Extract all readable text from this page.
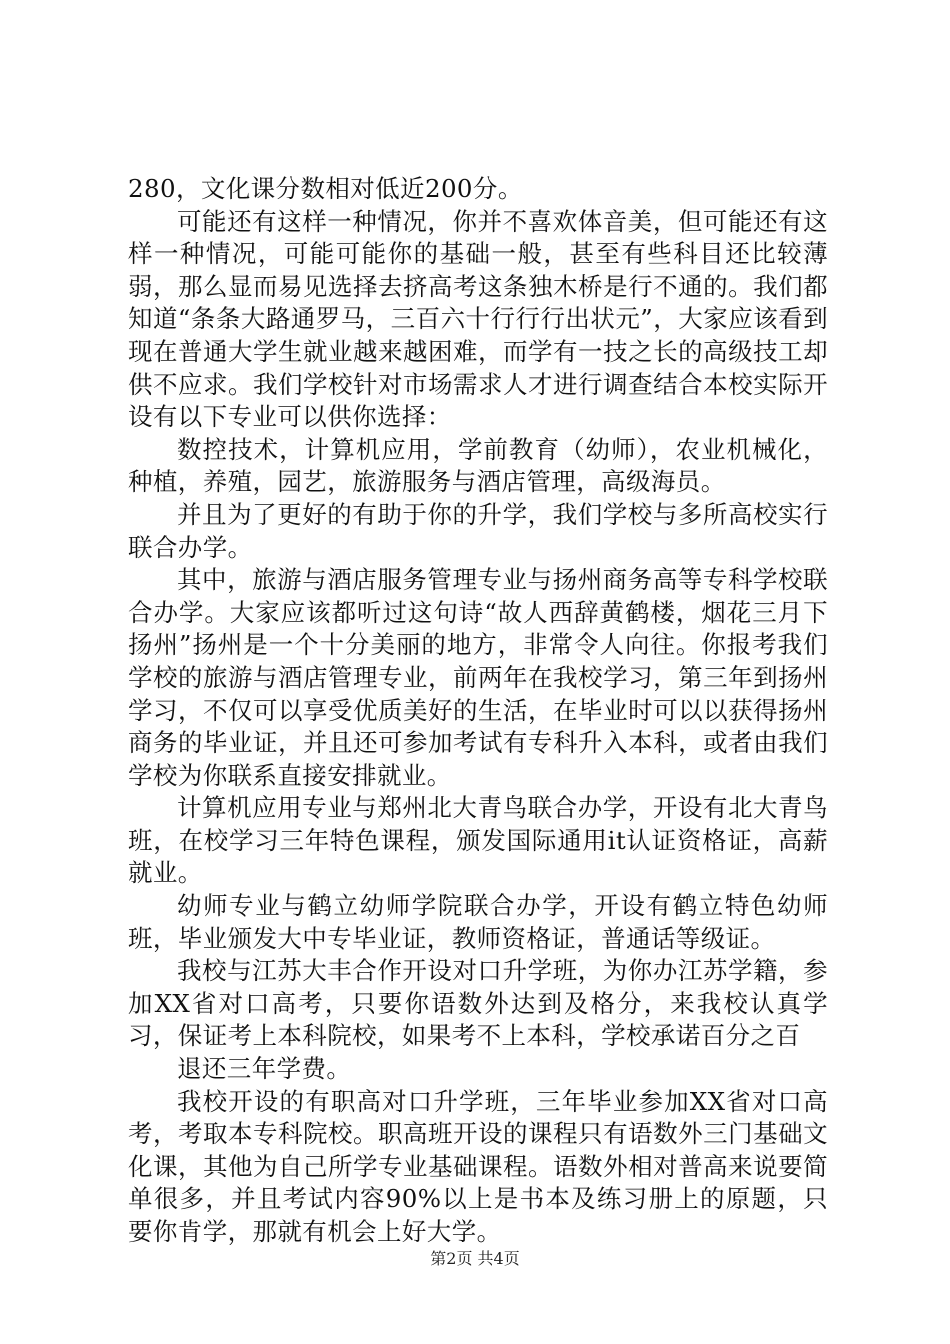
280，文化课分数相对低近200分。

可能还有这样一种情况，你并不喜欢体音美，但可能还有这样一种情况，可能可能你的基础一般，甚至有些科目还比较薄弱，那么显而易见选择去挤高考这条独木桥是行不通的。我们都知道“条条大路通罗马，三百六十行行行出状元”，大家应该看到现在普通大学生就业越来越困难，而学有一技之长的高级技工却供不应求。我们学校针对市场需求人才进行调查结合本校实际开设有以下专业可以供你选择：

数控技术，计算机应用，学前教育（幼师），农业机械化，种植，养殖，园艺，旅游服务与酒店管理，高级海员。

并且为了更好的有助于你的升学，我们学校与多所高校实行联合办学。

其中，旅游与酒店服务管理专业与扬州商务高等专科学校联合办学。大家应该都听过这句诗“故人西辞黄鹤楼，烟花三月下扬州”扬州是一个十分美丽的地方，非常令人向往。你报考我们学校的旅游与酒店管理专业，前两年在我校学习，第三年到扬州学习，不仅可以享受优质美好的生活，在毕业时可以以获得扬州商务的毕业证，并且还可参加考试有专科升入本科，或者由我们学校为你联系直接安排就业。

计算机应用专业与郑州北大青鸟联合办学，开设有北大青鸟班，在校学习三年特色课程，颁发国际通用it认证资格证，高薪就业。

幼师专业与鹤立幼师学院联合办学，开设有鹤立特色幼师班，毕业颁发大中专毕业证，教师资格证，普通话等级证。

我校与江苏大丰合作开设对口升学班，为你办江苏学籍，参加XX省对口高考，只要你语数外达到及格分，来我校认真学习，保证考上本科院校，如果考不上本科，学校承诺百分之百

退还三年学费。

我校开设的有职高对口升学班，三年毕业参加XX省对口高考，考取本专科院校。职高班开设的课程只有语数外三门基础文化课，其他为自己所学专业基础课程。语数外相对普高来说要简单很多，并且考试内容90%以上是书本及练习册上的原题，只要你肯学，那就有机会上好大学。

第2页 共4页
